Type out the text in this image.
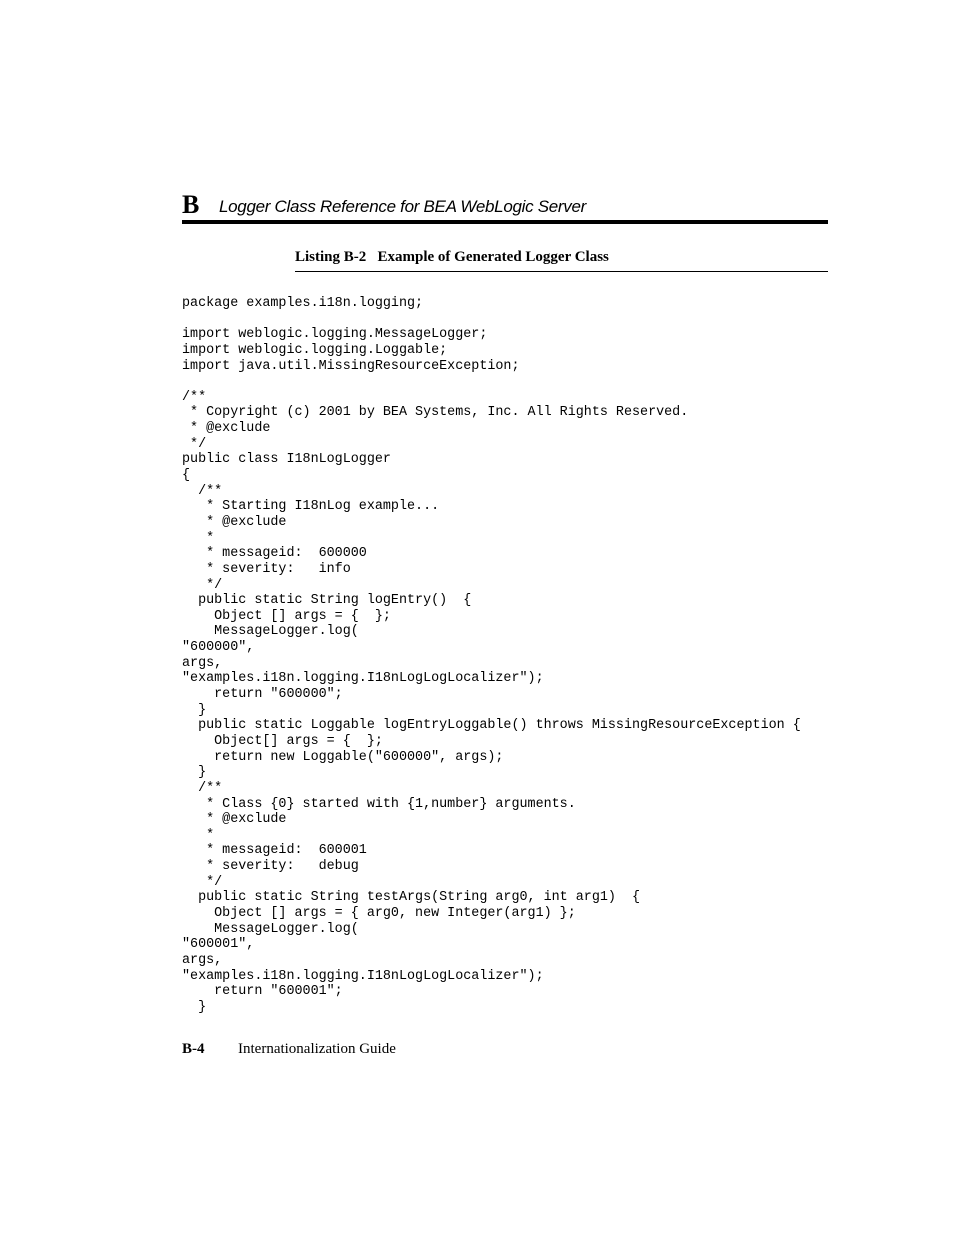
B Logger Class Reference for BEA WebLogic Server
Listing B-2   Example of Generated Logger Class
package examples.i18n.logging;
import weblogic.logging.MessageLogger;
import weblogic.logging.Loggable;
import java.util.MissingResourceException;
/**
* Copyright (c) 2001 by BEA Systems, Inc. All Rights Reserved.
* @exclude
*/
public class I18nLogLogger
{
/**
* Starting I18nLog example...
* @exclude
*
* messageid:  600000
* severity:   info
*/
public static String logEntry()  {
Object [] args = {  };
MessageLogger.log(
"600000",
args,
"examples.i18n.logging.I18nLogLogLocalizer");
return "600000";
}
public static Loggable logEntryLoggable() throws MissingResourceException {
Object[] args = {  };
return new Loggable("600000", args);
}
/**
* Class {0} started with {1,number} arguments.
* @exclude
*
* messageid:  600001
* severity:   debug
*/
public static String testArgs(String arg0, int arg1)  {
Object [] args = { arg0, new Integer(arg1) };
MessageLogger.log(
"600001",
args,
"examples.i18n.logging.I18nLogLogLocalizer");
return "600001";
}
B-4 Internationalization Guide
